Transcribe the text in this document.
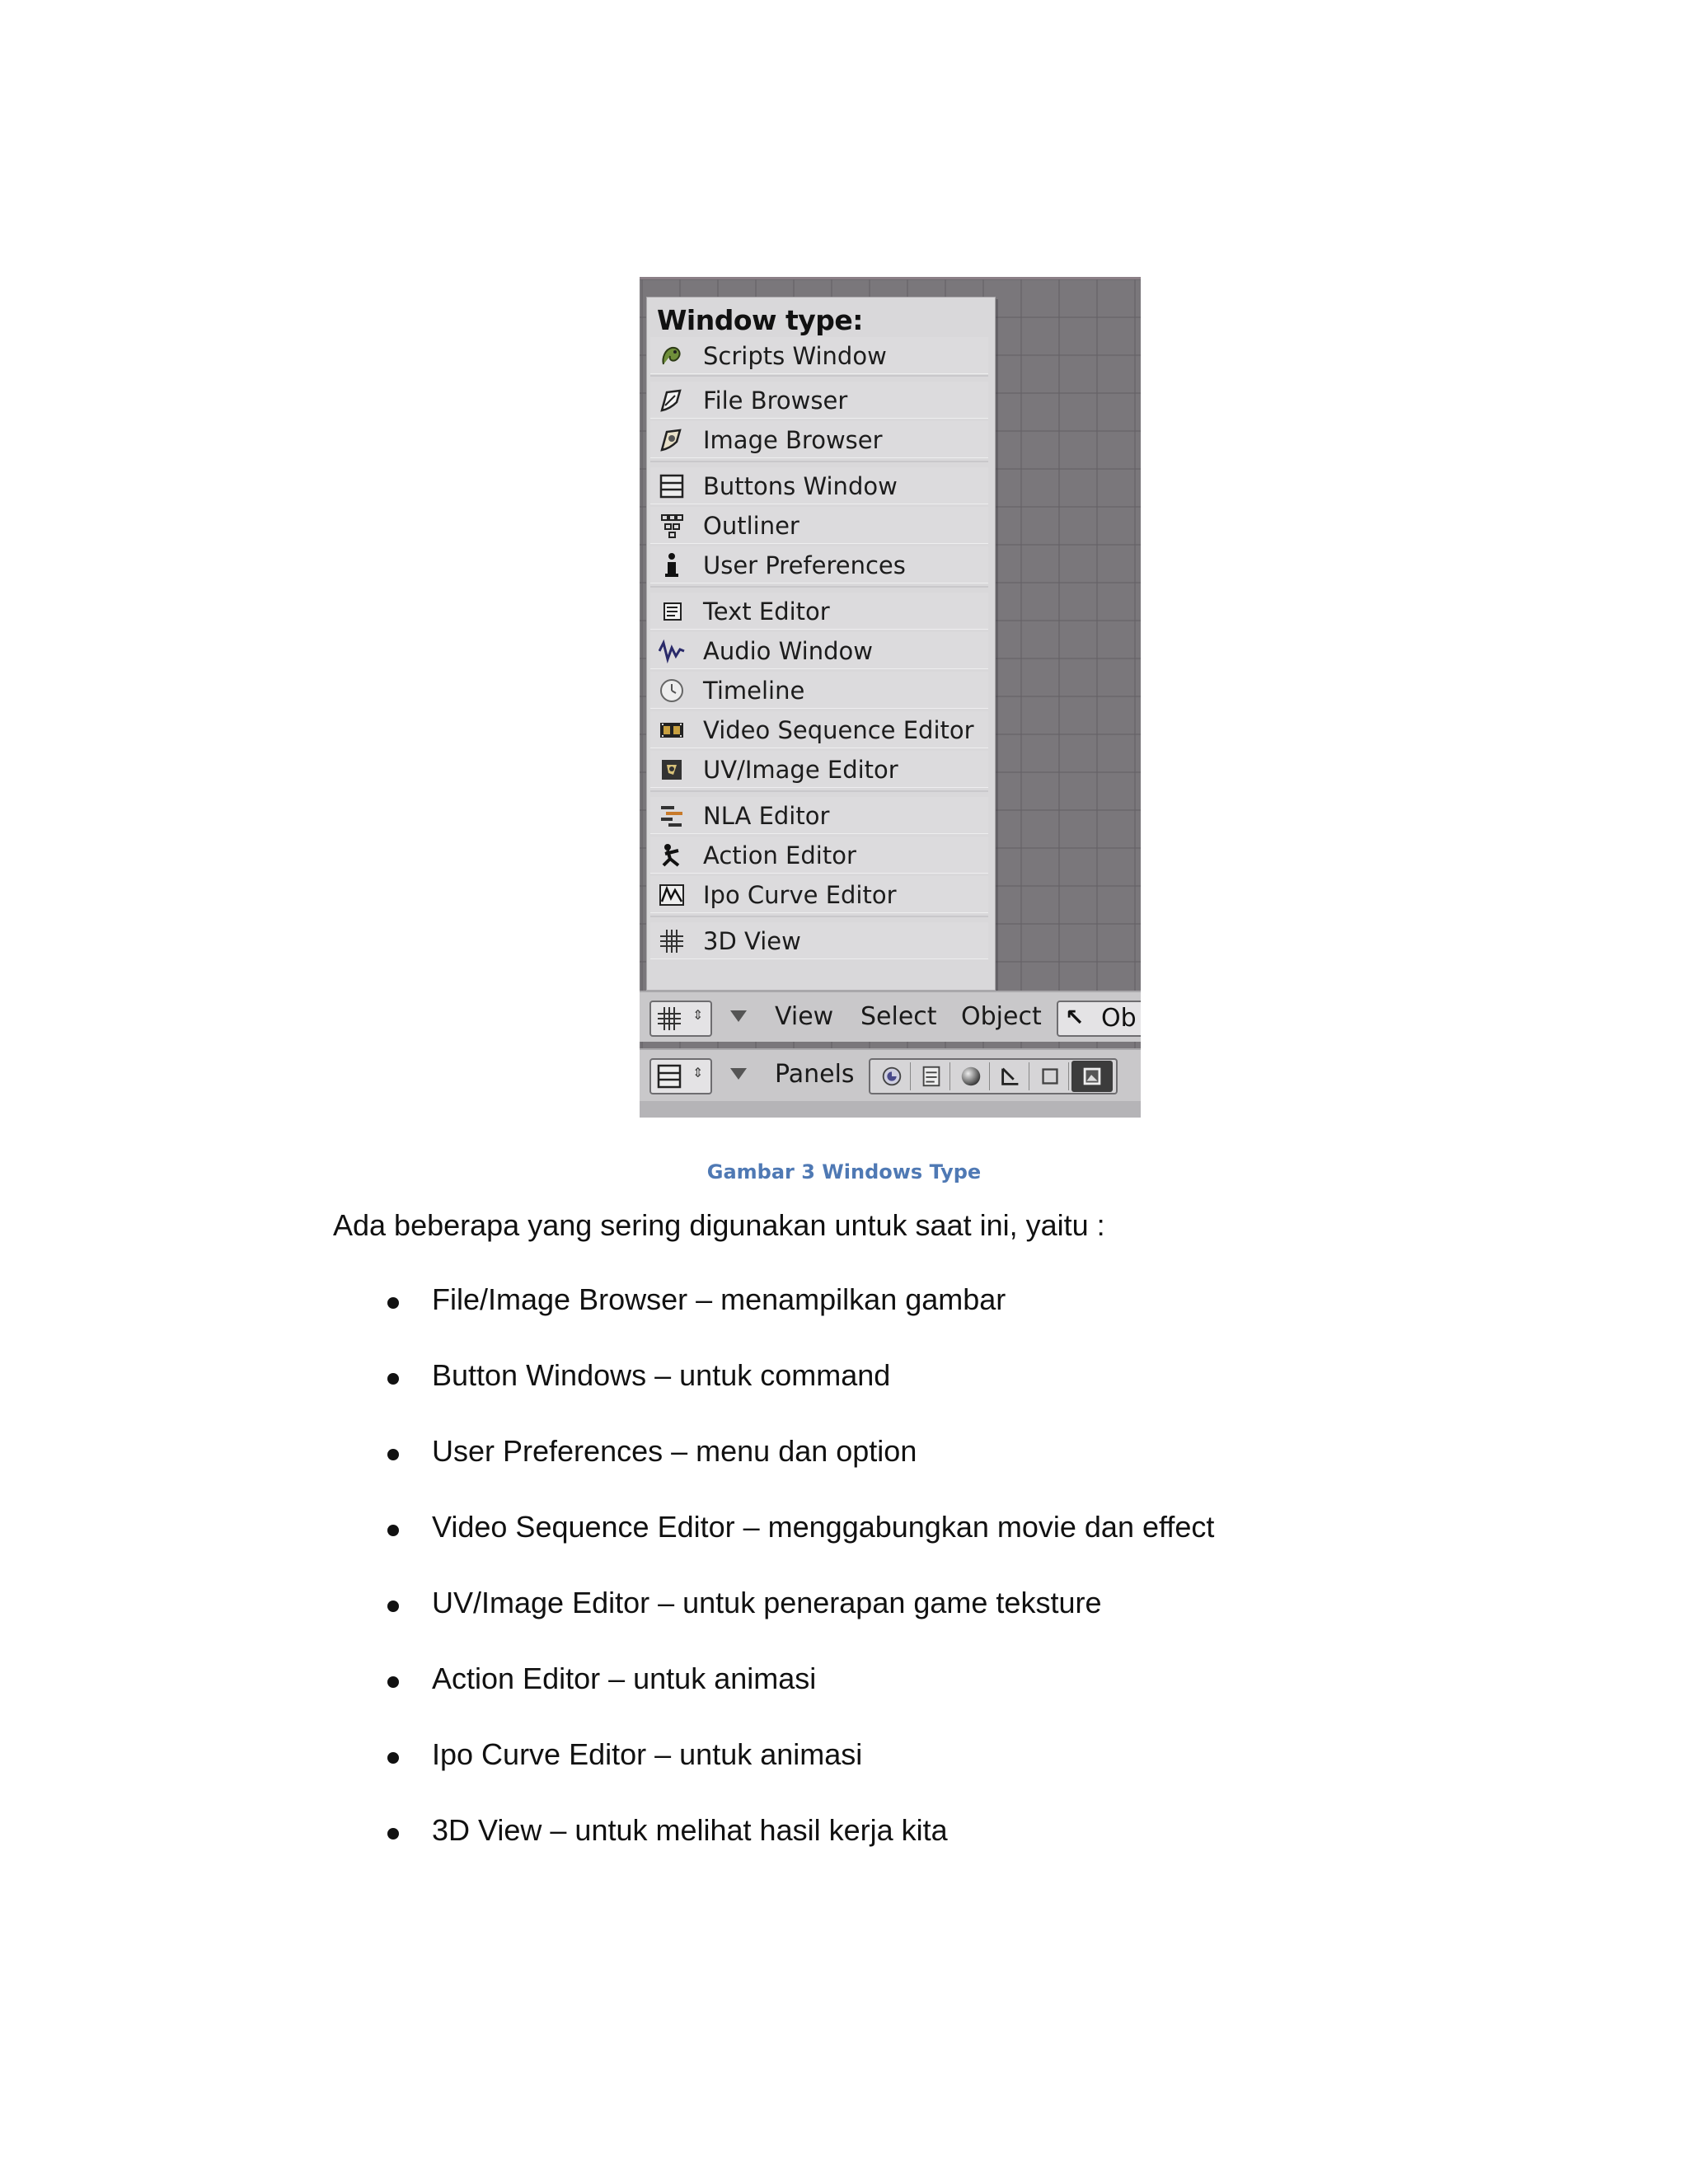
Window type:
Scripts Window
File Browser
Image Browser
Buttons Window
Outliner
User Preferences
Text Editor
Audio Window
Timeline
Video Sequence Editor
UV/Image Editor
NLA Editor
Action Editor
Ipo Curve Editor
3D View
⇕	View Select Object ↖ Ob
⇕	Panels
Gambar 3 Windows Type
Ada beberapa yang sering digunakan untuk saat ini, yaitu :
File/Image Browser – menampilkan gambar
Button Windows – untuk command
User Preferences – menu dan option
Video Sequence Editor – menggabungkan movie dan effect
UV/Image Editor – untuk penerapan game teksture
Action Editor – untuk animasi
Ipo Curve Editor – untuk animasi
3D View – untuk melihat hasil kerja kita
